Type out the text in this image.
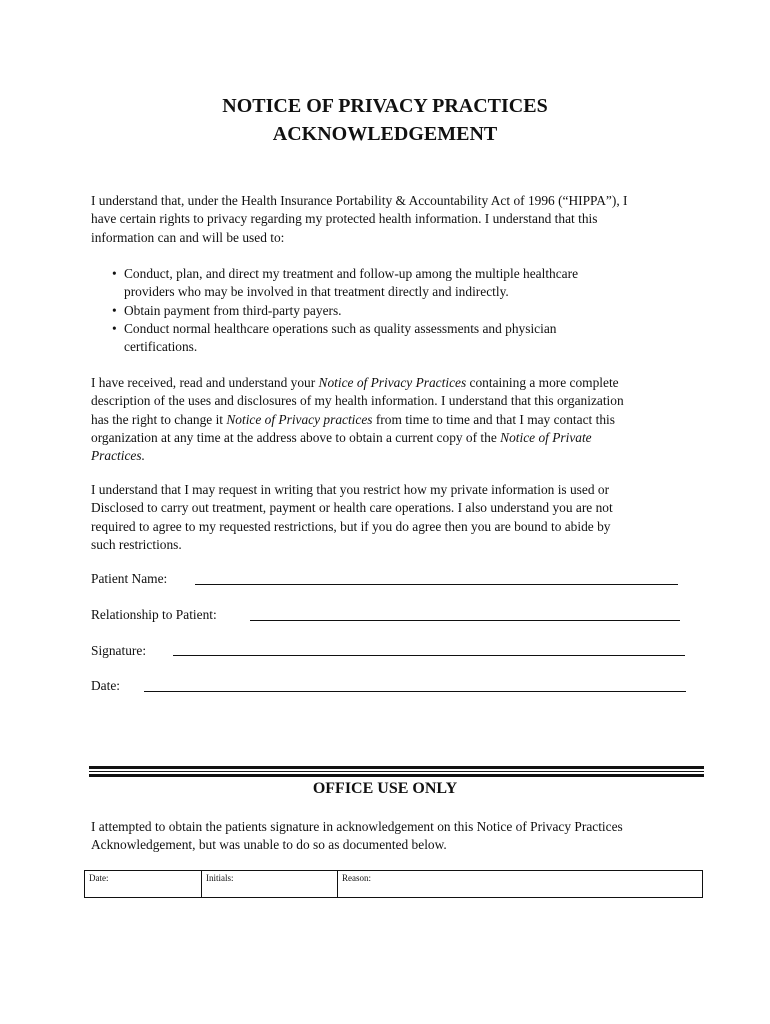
NOTICE OF PRIVACY PRACTICES
ACKNOWLEDGEMENT
I understand that, under the Health Insurance Portability & Accountability Act of 1996 (“HIPPA”), I
have certain rights to privacy regarding my protected health information. I understand that this
information can and will be used to:
• Conduct, plan, and direct my treatment and follow-up among the multiple healthcare
providers who may be involved in that treatment directly and indirectly.
• Obtain payment from third-party payers.
• Conduct normal healthcare operations such as quality assessments and physician
certifications.
I have received, read and understand your Notice of Privacy Practices containing a more complete
description of the uses and disclosures of my health information. I understand that this organization
has the right to change it Notice of Privacy practices from time to time and that I may contact this
organization at any time at the address above to obtain a current copy of the Notice of Private
Practices.
I understand that I may request in writing that you restrict how my private information is used or
Disclosed to carry out treatment, payment or health care operations. I also understand you are not
required to agree to my requested restrictions, but if you do agree then you are bound to abide by
such restrictions.
Patient Name:
Relationship to Patient:
Signature:
Date:
OFFICE USE ONLY
I attempted to obtain the patients signature in acknowledgement on this Notice of Privacy Practices
Acknowledgement, but was unable to do so as documented below.
Date:	Initials:	Reason:
